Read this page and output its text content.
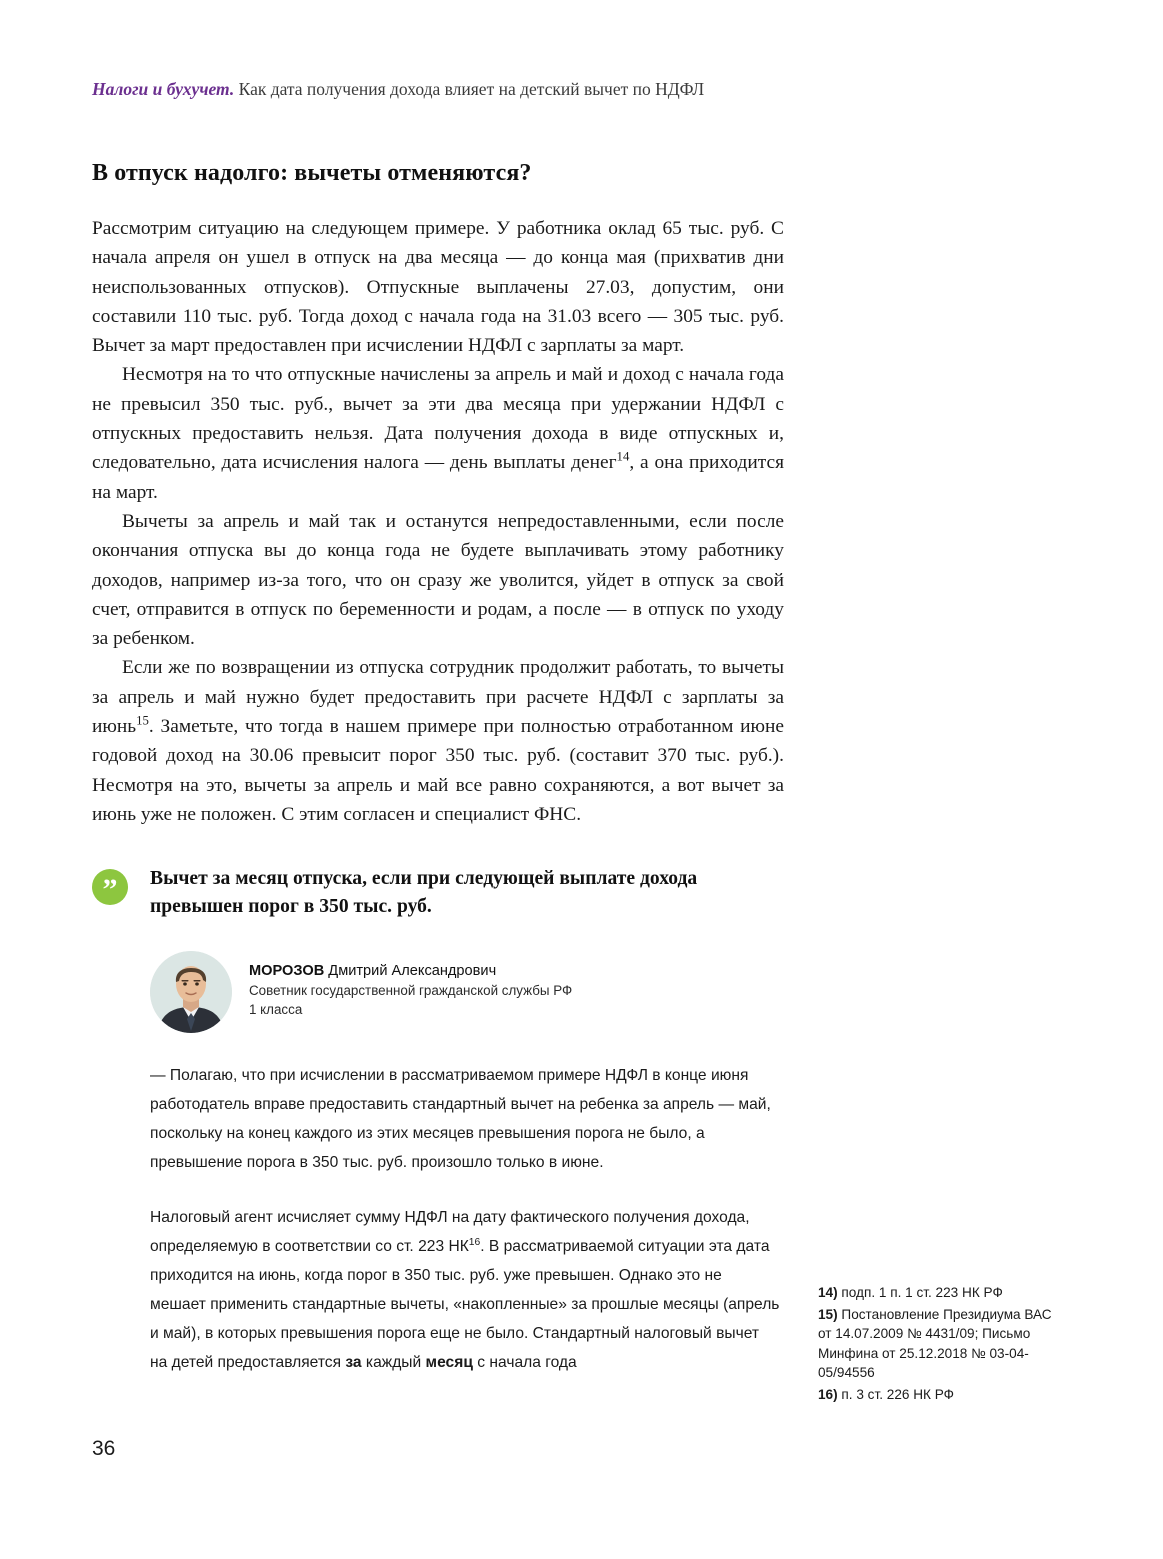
Налоги и бухучет. Как дата получения дохода влияет на детский вычет по НДФЛ
В отпуск надолго: вычеты отменяются?

Рассмотрим ситуацию на следующем примере. У работника оклад 65 тыс. руб. С начала апреля он ушел в отпуск на два месяца — до конца мая (прихватив дни неиспользованных отпусков). Отпускные выплачены 27.03, допустим, они составили 110 тыс. руб. Тогда доход с начала года на 31.03 всего — 305 тыс. руб. Вычет за март предоставлен при исчислении НДФЛ с зарплаты за март.

Несмотря на то что отпускные начислены за апрель и май и доход с начала года не превысил 350 тыс. руб., вычет за эти два месяца при удержании НДФЛ с отпускных предоставить нельзя. Дата получения дохода в виде отпускных и, следовательно, дата исчисления налога — день выплаты денег$^{14}$, а она приходится на март.

Вычеты за апрель и май так и останутся непредоставленными, если после окончания отпуска вы до конца года не будете выплачивать этому работнику доходов, например из-за того, что он сразу же уволится, уйдет в отпуск за свой счет, отправится в отпуск по беременности и родам, а после — в отпуск по уходу за ребенком.

Если же по возвращении из отпуска сотрудник продолжит работать, то вычеты за апрель и май нужно будет предоставить при расчете НДФЛ с зарплаты за июнь$^{15}$. Заметьте, что тогда в нашем примере при полностью отработанном июне годовой доход на 30.06 превысит порог 350 тыс. руб. (составит 370 тыс. руб.). Несмотря на это, вычеты за апрель и май все равно сохраняются, а вот вычет за июнь уже не положен. С этим согласен и специалист ФНС.

” Вычет за месяц отпуска, если при следующей выплате дохода превышен порог в 350 тыс. руб.

МОРОЗОВ Дмитрий Александрович
Советник государственной гражданской службы РФ
1 класса

— Полагаю, что при исчислении в рассматриваемом примере НДФЛ в конце июня работодатель вправе предоставить стандартный вычет на ребенка за апрель — май, поскольку на конец каждого из этих месяцев превышения порога не было, а превышение порога в 350 тыс. руб. произошло только в июне.

Налоговый агент исчисляет сумму НДФЛ на дату фактического получения дохода, определяемую в соответствии со ст. 223 НК$^{16}$. В рассматриваемой ситуации эта дата приходится на июнь, когда порог в 350 тыс. руб. уже превышен. Однако это не мешает применить стандартные вычеты, «накопленные» за прошлые месяцы (апрель и май), в которых превышения порога еще не было. Стандартный налоговый вычет на детей предоставляется за каждый месяц с начала года

14) подп. 1 п. 1 ст. 223 НК РФ
15) Постановление Президиума ВАС от 14.07.2009 № 4431/09; Письмо Минфина от 25.12.2018 № 03-04-05/94556
16) п. 3 ст. 226 НК РФ
36
